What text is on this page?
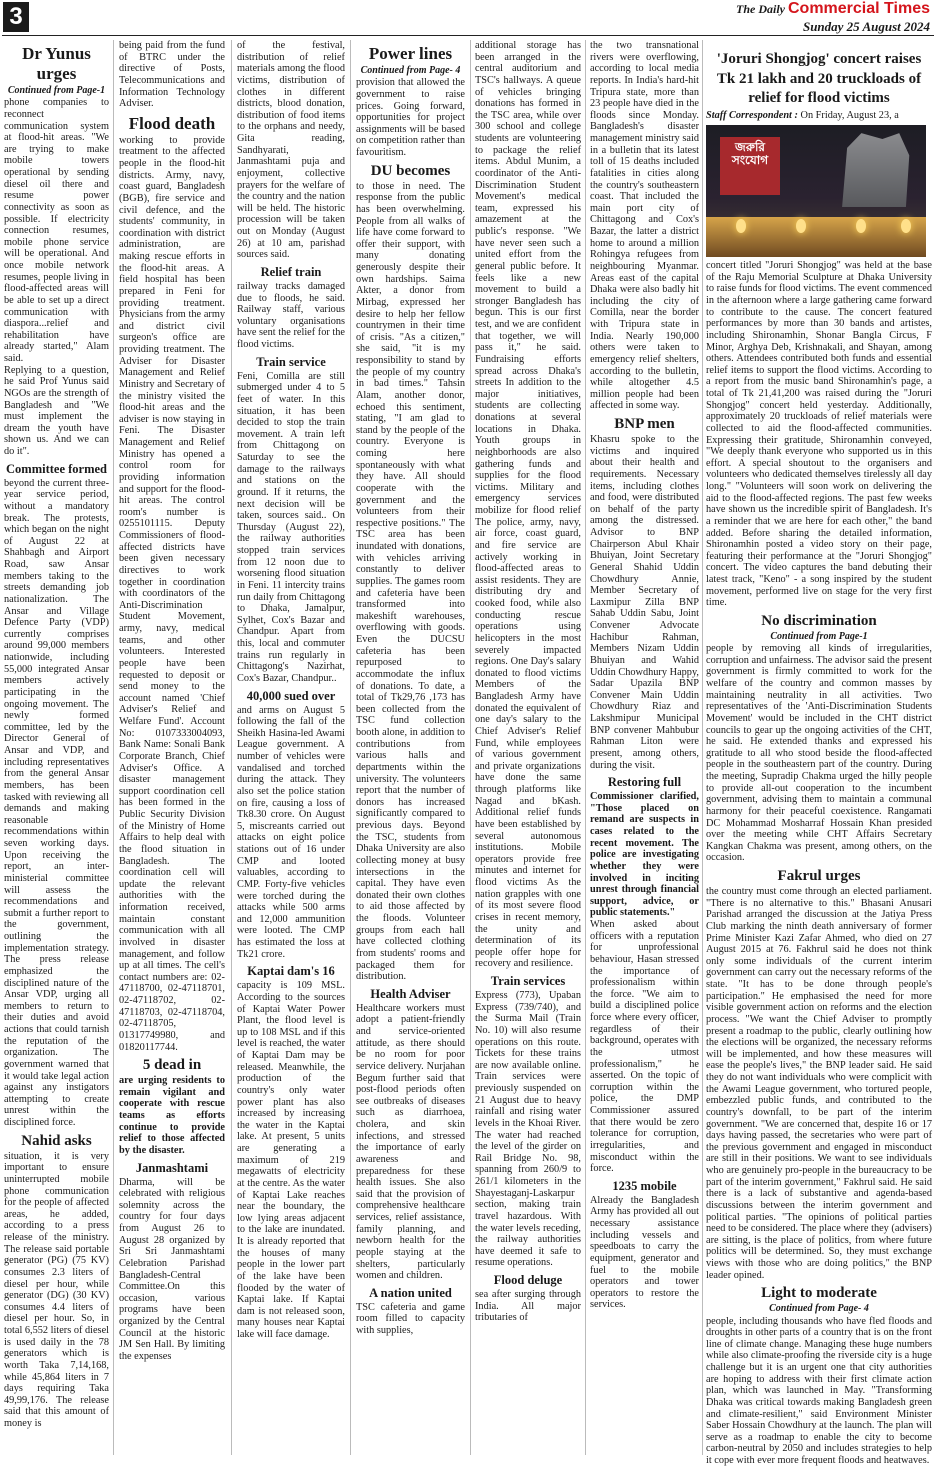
3	The Daily Commercial Times
Sunday 25 August 2024
Dr Yunus urges
Continued from Page-1

phone companies to reconnect communication system at flood-hit areas. "We are trying to make mobile towers operational by sending diesel oil there and resume power connectivity as soon as possible. If electricity connection resumes, mobile phone service will be operational. And once mobile network resumes, people living in flood-affected areas will be able to set up a direct communication with diaspora...relief and rehabilitation have already started," Alam said.

Replying to a question, he said Prof Yunus said NGOs are the strength of Bangladesh and "We must implement the dream the youth have shown us. And we can do it".

Committee formed

beyond the current three-year service period, without a mandatory break. The protests, which began on the night of August 22 at Shahbagh and Airport Road, saw Ansar members taking to the streets demanding job nationalization. The Ansar and Village Defence Party (VDP) currently comprises around 99,000 members nationwide, including 55,000 integrated Ansar members actively participating in the ongoing movement. The newly formed committee, led by the Director General of Ansar and VDP, and including representatives from the general Ansar members, has been tasked with reviewing all demands and making reasonable recommendations within seven working days. Upon receiving the report, an inter-ministerial committee will assess the recommendations and submit a further report to the government, outlining the implementation strategy. The press release emphasized the disciplined nature of the Ansar VDP, urging all members to return to their duties and avoid actions that could tarnish the reputation of the organization. The government warned that it would take legal action against any instigators attempting to create unrest within the disciplined force.

Nahid asks

situation, it is very important to ensure uninterrupted mobile phone communication for the people of affected areas, he added, according to a press release of the ministry. The release said portable generator (PG) (75 KV) consumes 2.3 liters of diesel per hour, while generator (DG) (30 KV) consumes 4.4 liters of diesel per hour. So, in total 6,552 liters of diesel is used daily in the 78 generators which is worth Taka 7,14,168, while 45,864 liters in 7 days requiring Taka 49,99,176. The release said that this amount of money is

being paid from the fund of BTRC under the directive of Posts, Telecommunications and Information Technology Adviser.

Flood death

working to provide treatment to the affected people in the flood-hit districts. Army, navy, coast guard, Bangladesh (BGB), fire service and civil defence, and the students' community, in coordination with district administration, are making rescue efforts in the flood-hit areas. A field hospital has been prepared in Feni for providing treatment. Physicians from the army and district civil surgeon's office are providing treatment. The Adviser for Disaster Management and Relief Ministry and Secretary of the ministry visited the flood-hit areas and the adviser is now staying in Feni. The Disaster Management and Relief Ministry has opened a control room for providing information and support for the flood-hit areas. The control room's number is 0255101115. Deputy Commissioners of flood-affected districts have been given necessary directives to work together in coordination with coordinators of the Anti-Discrimination Student Movement, army, navy, medical teams, and other volunteers. Interested people have been requested to deposit or send money to the account named 'Chief Adviser's Relief and Welfare Fund'. Account No: 0107333004093, Bank Name: Sonali Bank Corporate Branch, Chief Adviser's Office. A disaster management support coordination cell has been formed in the Public Security Division of the Ministry of Home Affairs to help deal with the flood situation in Bangladesh. The coordination cell will update the relevant authorities with the information received, maintain constant communication with all involved in disaster management, and follow up at all times. The cell's contact numbers are: 02-47118700, 02-47118701, 02-47118702, 02-47118703, 02-47118704, 02-47118705, 01317749980, and 01820117744.

5 dead in

are urging residents to remain vigilant and cooperate with rescue teams as efforts continue to provide relief to those affected by the disaster.

Janmashtami

Dharma, will be celebrated with religious solemnity across the country for four days from August 26 to August 28 organized by Sri Sri Janmashtami Celebration Parishad Bangladesh-Central Committee.On this occasion, various programs have been organized by the Central Council at the historic JM Sen Hall. By limiting the expenses

of the festival, distribution of relief materials among the flood victims, distribution of clothes in different districts, blood donation, distribution of food items to the orphans and needy, Gita reading, Sandhyarati, Janmashtami puja and enjoyment, collective prayers for the welfare of the country and the nation will be held. The historic procession will be taken out on Monday (August 26) at 10 am, parishad sources said.

Relief train

railway tracks damaged due to floods, he said. Railway staff, various voluntary organisations have sent the relief for the flood victims.

Train service

Feni, Comilla are still submerged under 4 to 5 feet of water. In this situation, it has been decided to stop the train movement. A train left from Chittagong on Saturday to see the damage to the railways and stations on the ground. If it returns, the next decision will be taken, sources said.. On Thursday (August 22), the railway authorities stopped train services from 12 noon due to worsening flood situation in Feni. 11 intercity trains run daily from Chittagong to Dhaka, Jamalpur, Sylhet, Cox's Bazar and Chandpur. Apart from this, local and commuter trains run regularly in Chittagong's Nazirhat, Cox's Bazar, Chandpur..

40,000 sued over

and arms on August 5 following the fall of the Sheikh Hasina-led Awami League government. A number of vehicles were vandalised and torched during the attack. They also set the police station on fire, causing a loss of Tk8.30 crore. On August 5, miscreants carried out attacks on eight police stations out of 16 under CMP and looted valuables, according to CMP. Forty-five vehicles were torched during the attacks while 500 arms and 12,000 ammunition were looted. The CMP has estimated the loss at Tk21 crore.

Kaptai dam's 16

capacity is 109 MSL. According to the sources of Kaptai Water Power Plant, the flood level is up to 108 MSL and if this level is reached, the water of Kaptai Dam may be released. Meanwhile, the production of the country's only water power plant has also increased by increasing the water in the Kaptai lake. At present, 5 units are generating a maximum of 219 megawatts of electricity at the centre. As the water of Kaptai Lake reaches near the boundary, the low lying areas adjacent to the lake are inundated. It is already reported that the houses of many people in the lower part of the lake have been flooded by the water of Kaptai lake. If Kaptai dam is not released soon, many houses near Kaptai lake will face damage.

Power lines
Continued from Page- 4

provision that allowed the government to raise prices. Going forward, opportunities for project assignments will be based on competition rather than favouritism.

DU becomes

to those in need. The response from the public has been overwhelming. People from all walks of life have come forward to offer their support, with many donating generously despite their own hardships. Saima Akter, a donor from Mirbag, expressed her desire to help her fellow countrymen in their time of crisis. "As a citizen," she said, "it is my responsibility to stand by the people of my country in bad times." Tahsin Alam, another donor, echoed this sentiment, stating, "I am glad to stand by the people of the country. Everyone is coming here spontaneously with what they have. All should cooperate with the government and the volunteers from their respective positions." The TSC area has been inundated with donations, with vehicles arriving constantly to deliver supplies. The games room and cafeteria have been transformed into makeshift warehouses, overflowing with goods. Even the DUCSU cafeteria has been repurposed to accommodate the influx of donations. To date, a total of Tk29,76 ,173 has been collected from the TSC fund collection booth alone, in addition to contributions from various halls and departments within the university. The volunteers report that the number of donors has increased significantly compared to previous days. Beyond the TSC, students from Dhaka University are also collecting money at busy intersections in the capital. They have even donated their own clothes to aid those affected by the floods. Volunteer groups from each hall have collected clothing from students' rooms and packaged them for distribution.

Health Adviser

Healthcare workers must adopt a patient-friendly and service-oriented attitude, as there should be no room for poor service delivery. Nurjahan Begum further said that post-flood periods often see outbreaks of diseases such as diarrhoea, cholera, and skin infections, and stressed the importance of early awareness and preparedness for these health issues. She also said that the provision of comprehensive healthcare services, relief assistance, family planning, and newborn health for the people staying at the shelters, particularly women and children.

A nation united

TSC cafeteria and game room filled to capacity with supplies,

additional storage has been arranged in the central auditorium and TSC's hallways. A queue of vehicles bringing donations has formed in the TSC area, while over 300 school and college students are volunteering to package the relief items. Abdul Munim, a coordinator of the Anti-Discrimination Student Movement's medical team, expressed his amazement at the public's response. "We have never seen such a united effort from the general public before. It feels like a new movement to build a stronger Bangladesh has begun. This is our first test, and we are confident that together, we will pass it," he said. Fundraising efforts spread across Dhaka's streets In addition to the major initiatives, students are collecting donations at several locations in Dhaka. Youth groups in neighborhoods are also gathering funds and supplies for the flood victims. Military and emergency services mobilize for flood relief The police, army, navy, air force, coast guard, and fire service are actively working in flood-affected areas to assist residents. They are distributing dry and cooked food, while also conducting rescue operations using helicopters in the most severely impacted regions. One Day's salary donated to flood victims Members of the Bangladesh Army have donated the equivalent of one day's salary to the Chief Adviser's Relief Fund, while employees of various government and private organizations have done the same through platforms like Nagad and bKash. Additional relief funds have been established by several autonomous institutions. Mobile operators provide free minutes and internet for flood victims As the nation grapples with one of its most severe flood crises in recent memory, the unity and determination of its people offer hope for recovery and resilience.

Train services

Express (773), Upaban Express (739/740), and the Surma Mail (Train No. 10) will also resume operations on this route. Tickets for these trains are now available online. Train services were previously suspended on 21 August due to heavy rainfall and rising water levels in the Khoai River. The water had reached the level of the girder on Rail Bridge No. 98, spanning from 260/9 to 261/1 kilometers in the Shayestaganj-Laskarpur section, making train travel hazardous. With the water levels receding, the railway authorities have deemed it safe to resume operations.

Flood deluge

sea after surging through India. All major tributaries of

the two transnational rivers were overflowing, according to local media reports. In India's hard-hit Tripura state, more than 23 people have died in the floods since Monday. Bangladesh's disaster management ministry said in a bulletin that its latest toll of 15 deaths included fatalities in cities along the country's southeastern coast. That included the main port city of Chittagong and Cox's Bazar, the latter a district home to around a million Rohingya refugees from neighbouring Myanmar. Areas east of the capital Dhaka were also badly hit including the city of Comilla, near the border with Tripura state in India. Nearly 190,000 others were taken to emergency relief shelters, according to the bulletin, while altogether 4.5 million people had been affected in some way.

BNP men

Khasru spoke to the victims and inquired about their health and requirements. Necessary items, including clothes and food, were distributed on behalf of the party among the distressed. Advisor to BNP Chairperson Abul Khair Bhuiyan, Joint Secretary General Shahid Uddin Chowdhury Annie, Member Secretary of Laxmipur Zilla BNP Sahab Uddin Sabu, Joint Convener Advocate Hachibur Rahman, Members Nizam Uddin Bhuiyan and Wahid Uddin Chowdhury Happy, Sadar Upazila BNP Convener Main Uddin Chowdhury Riaz and Lakshmipur Municipal BNP convener Mahbubur Rahman Liton were present, among others, during the visit.

Restoring full

Commissioner clarified, "Those placed on remand are suspects in cases related to the recent movement. The police are investigating whether they were involved in inciting unrest through financial support, advice, or public statements."

When asked about officers with a reputation for unprofessional behaviour, Hasan stressed the importance of professionalism within the force. "We aim to build a disciplined police force where every officer, regardless of their background, operates with the utmost professionalism," he asserted. On the topic of corruption within the police, the DMP Commissioner assured that there would be zero tolerance for corruption, irregularities, and misconduct within the force.

1235 mobile

Already the Bangladesh Army has provided all out necessary assistance including vessels and speedboats to carry the equipment, generator and fuel to the mobile operators and tower operators to restore the services.

'Joruri Shongjog' concert raises Tk 21 lakh and 20 truckloads of relief for flood victims

Staff Correspondent : On Friday, August 23, a

জরুরি সংযোগ

concert titled "Joruri Shongjog" was held at the base of the Raju Memorial Sculpture at Dhaka University to raise funds for flood victims. The event commenced in the afternoon where a large gathering came forward to contribute to the cause. The concert featured performances by more than 30 bands and artistes, including Shironamhin, Shonar Bangla Circus, F Minor, Arghya Deb, Krishnakali, and Shayan, among others. Attendees contributed both funds and essential relief items to support the flood victims. According to a report from the music band Shironamhin's page, a total of Tk 21,41,200 was raised during the "Joruri Shongjog" concert held yesterday. Additionally, approximately 20 truckloads of relief materials were collected to aid the flood-affected communities. Expressing their gratitude, Shironamhin conveyed, "We deeply thank everyone who supported us in this effort. A special shoutout to the organisers and volunteers who dedicated themselves tirelessly all day long." "Volunteers will soon work on delivering the aid to the flood-affected regions. The past few weeks have shown us the incredible spirit of Bangladesh. It's a reminder that we are here for each other," the band added. Before sharing the detailed information, Shironamhin posted a video story on their page, featuring their performance at the "Joruri Shongjog" concert. The video captures the band debuting their latest track, "Keno" - a song inspired by the student movement, performed live on stage for the very first time.

No discrimination
Continued from Page-1

people by removing all kinds of irregularities, corruption and unfairness. The advisor said the present government is firmly committed to work for the welfare of the country and common masses by maintaining neutrality in all activities. Two representatives of the 'Anti-Discrimination Students Movement' would be included in the CHT district councils to gear up the ongoing activities of the CHT, he said. He extended thanks and expressed his gratitude to all who stood beside the flood-affected people in the southeastern part of the country. During the meeting, Supradip Chakma urged the hilly people to provide all-out cooperation to the incumbent government, advising them to maintain a communal harmony for their peaceful coexistence. Rangamati DC Mohammad Mosharraf Hossain Khan presided over the meeting while CHT Affairs Secretary Kangkan Chakma was present, among others, on the occasion.

Fakrul urges

the country must come through an elected parliament. "There is no alternative to this." Bhasani Anusari Parishad arranged the discussion at the Jatiya Press Club marking the ninth death anniversary of former Prime Minister Kazi Zafar Ahmed, who died on 27 August 2015 at 76. Fakhrul said he does not think only some individuals of the current interim government can carry out the necessary reforms of the state. "It has to be done through people's participation." He emphasised the need for more visible government action on reforms and the election process. "We want the Chief Adviser to promptly present a roadmap to the public, clearly outlining how the elections will be organized, the necessary reforms will be implemented, and how these measures will ease the people's lives," the BNP leader said. He said they do not want individuals who were complicit with the Awami League government, who tortured people, embezzled public funds, and contributed to the country's downfall, to be part of the interim government. "We are concerned that, despite 16 or 17 days having passed, the secretaries who were part of the previous government and engaged in misconduct are still in their positions. We want to see individuals who are genuinely pro-people in the bureaucracy to be part of the interim government," Fakhrul said. He said there is a lack of substantive and agenda-based discussions between the interim government and political parties. "The opinions of political parties need to be considered. The place where they (advisers) are sitting, is the place of politics, from where future politics will be determined. So, they must exchange views with those who are doing politics," the BNP leader opined.

Light to moderate
Continued from Page- 4

people, including thousands who have fled floods and droughts in other parts of a country that is on the front line of climate change. Managing these huge numbers while also climate-proofing the riverside city is a huge challenge but it is an urgent one that city authorities are hoping to address with their first climate action plan, which was launched in May. "Transforming Dhaka was critical towards making Bangladesh green and climate-resilient," said Environment Minister Saber Hossain Chowdhury at the launch. The plan will serve as a roadmap to enable the city to become carbon-neutral by 2050 and includes strategies to help it cope with ever more frequent floods and heatwaves.
